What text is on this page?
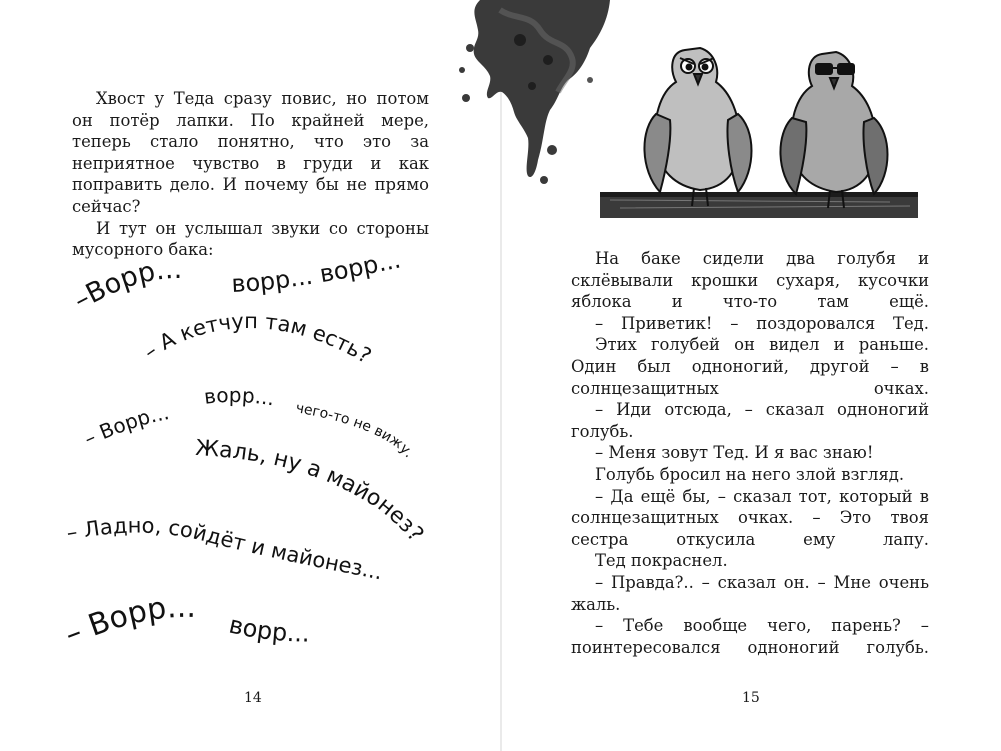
Хвост у Теда сразу повис, но потом он потёр лапки. По крайней мере, теперь стало понятно, что это за неприятное чувство в груди и как поправить дело. И почему бы не прямо сейчас?

И тут он услышал звуки со стороны мусорного бака:

–Ворр... ворр... ворр...
– А кетчуп там есть?
– Ворр...
ворр... чего-то не вижу.
Жаль, ну а майонез?
– Ладно, сойдёт и майонез...
– Ворр...
ворр...
14

На баке сидели два голубя и склёвывали крошки сухаря, кусочки яблока и что-то там ещё.

– Приветик! – поздоровался Тед.

Этих голубей он видел и раньше. Один был одноногий, другой – в солнцезащитных очках.

– Иди отсюда, – сказал одноногий голубь.

– Меня зовут Тед. И я вас знаю!

Голубь бросил на него злой взгляд.

– Да ещё бы, – сказал тот, который в солнцезащитных очках. – Это твоя сестра откусила ему лапу.

Тед покраснел.

– Правда?.. – сказал он. – Мне очень жаль.

– Тебе вообще чего, парень? – поинтересовался одноногий голубь.

15
